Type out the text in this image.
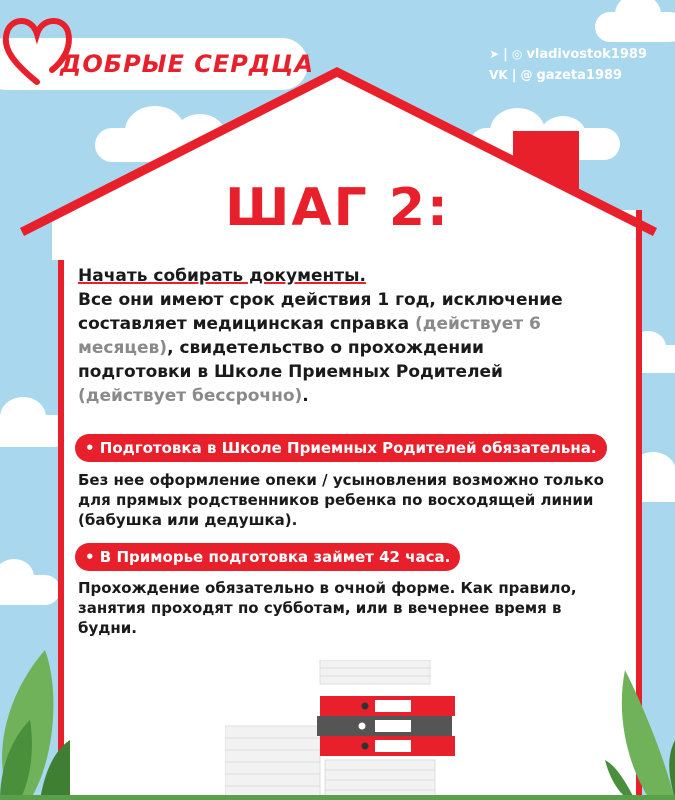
ДОБРЫЕ СЕРДЦА	➤ | ◎ vladivostok1989
VK | @ gazeta1989
ШАГ 2:
Начать собирать документы.
Все они имеют срок действия 1 год, исключение составляет медицинская справка (действует 6 месяцев), свидетельство о прохождении подготовки в Школе Приемных Родителей (действует бессрочно).
• Подготовка в Школе Приемных Родителей обязательна.
Без нее оформление опеки / усыновления возможно только для прямых родственников ребенка по восходящей линии (бабушка или дедушка).
• В Приморье подготовка займет 42 часа.
Прохождение обязательно в очной форме. Как правило, занятия проходят по субботам, или в вечернее время в будни.
